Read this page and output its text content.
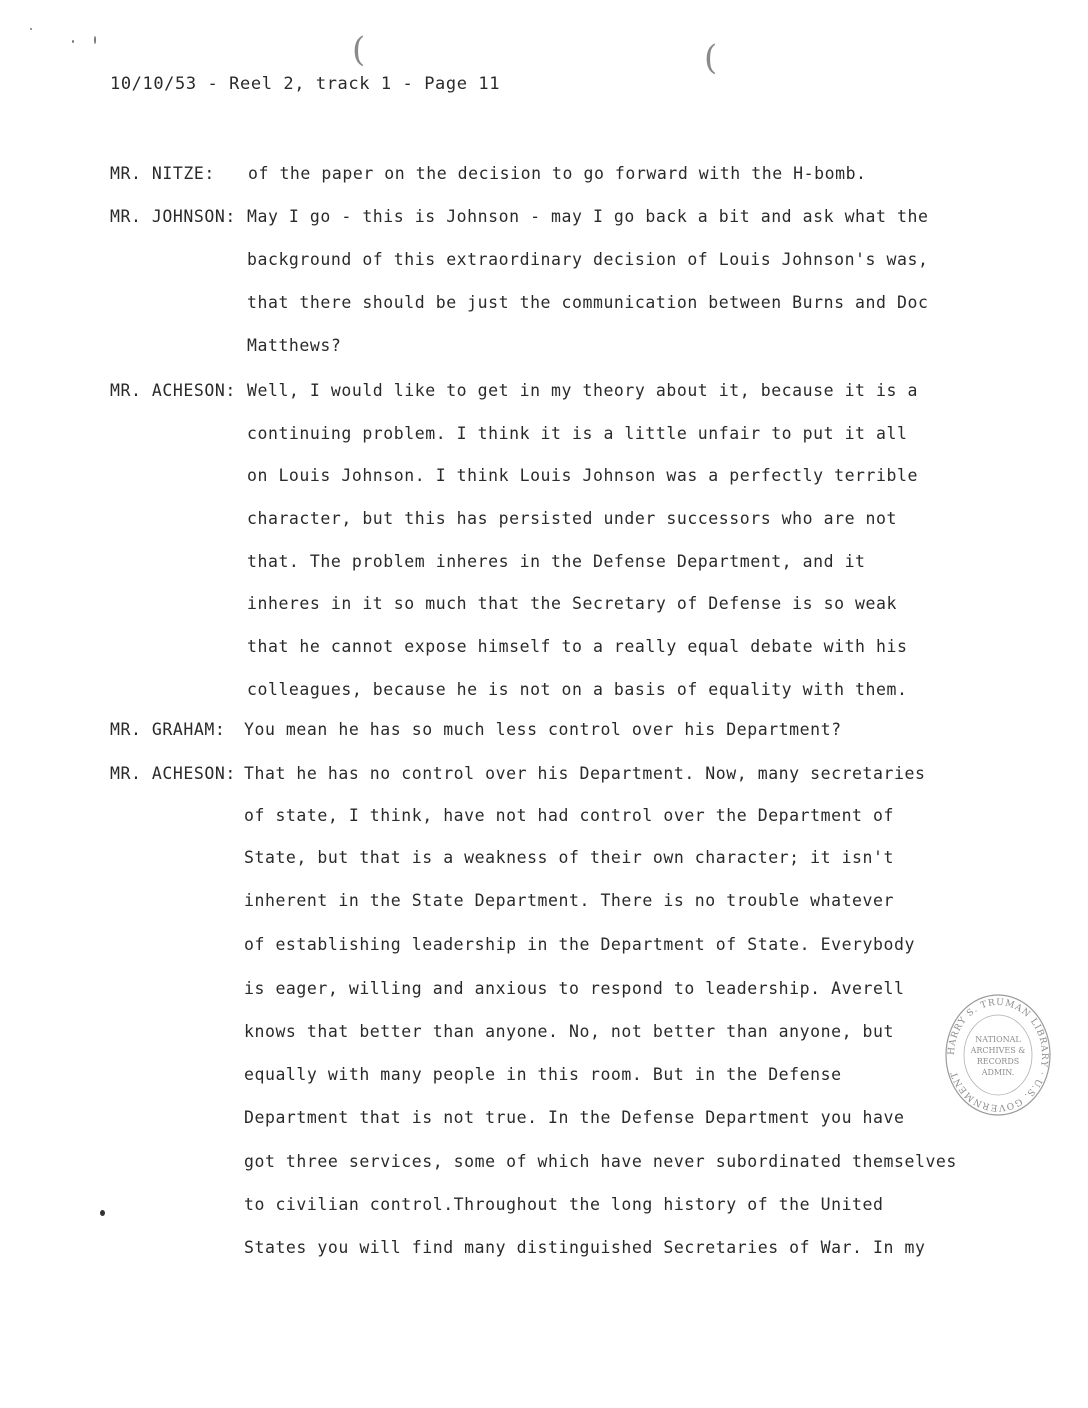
(	(
10/10/53 - Reel 2, track 1 - Page 11
MR. NITZE:
MR. JOHNSON:
MR. ACHESON:
MR. GRAHAM:
MR. ACHESON:
of the paper on the decision to go forward with the H-bomb.
May I go - this is Johnson - may I go back a bit and ask what the
background of this extraordinary decision of Louis Johnson's was,
that there should be just the communication between Burns and Doc
Matthews?
Well, I would like to get in my theory about it, because it is a
continuing problem. I think it is a little unfair to put it all
on Louis Johnson. I think Louis Johnson was a perfectly terrible
character, but this has persisted under successors who are not
that. The problem inheres in the Defense Department, and it
inheres in it so much that the Secretary of Defense is so weak
that he cannot expose himself to a really equal debate with his
colleagues, because he is not on a basis of equality with them.
You mean he has so much less control over his Department?
That he has no control over his Department. Now, many secretaries
of state, I think, have not had control over the Department of
State, but that is a weakness of their own character; it isn't
inherent in the State Department. There is no trouble whatever
of establishing leadership in the Department of State. Everybody
is eager, willing and anxious to respond to leadership. Averell
knows that better than anyone. No, not better than anyone, but
equally with many people in this room. But in the Defense
Department that is not true. In the Defense Department you have
got three services, some of which have never subordinated themselves
to civilian control.Throughout the long history of the United
States you will find many distinguished Secretaries of War. In my
HARRY S. TRUMAN LIBRARY · U.S. GOVERNMENT
NATIONAL
ARCHIVES &
RECORDS
ADMIN.
